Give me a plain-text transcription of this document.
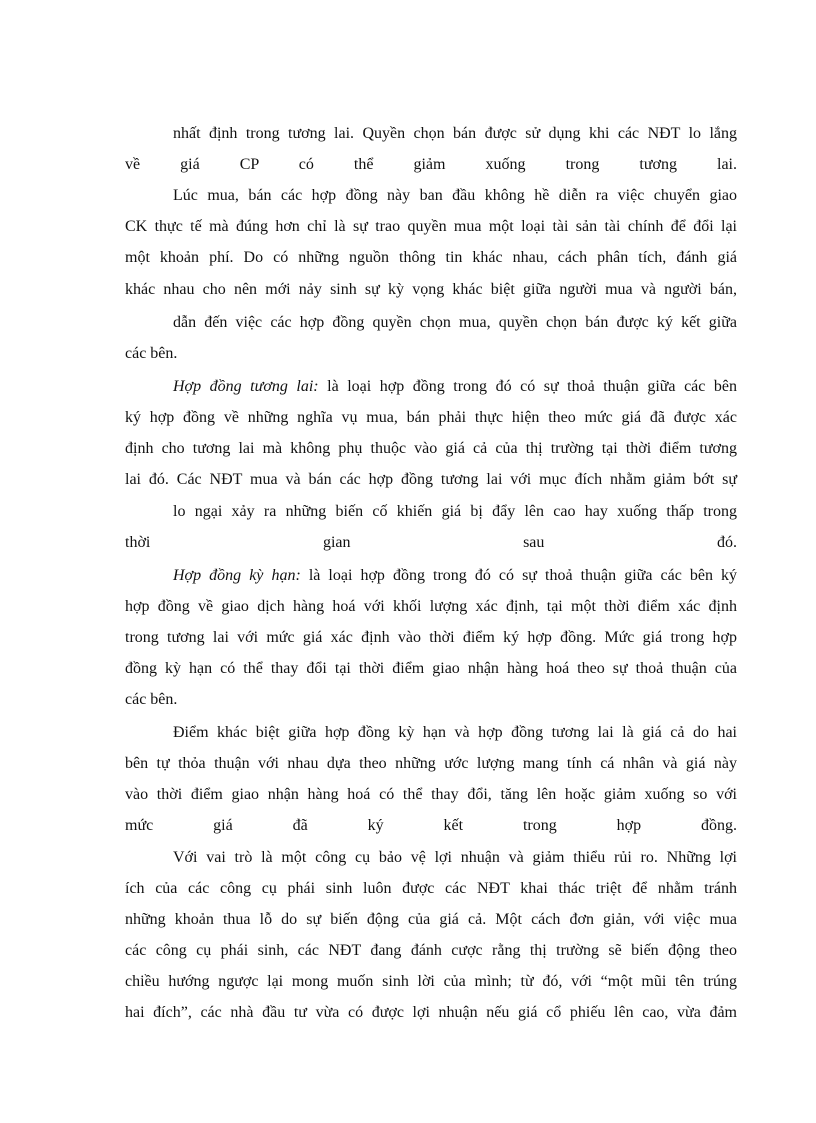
nhất định trong tương lai. Quyền chọn bán được sử dụng khi các NĐT lo lắng
về giá CP có thể giảm xuống trong tương lai.
Lúc mua, bán các hợp đồng này ban đầu không hề diễn ra việc chuyển giao
CK thực tế mà đúng hơn chỉ là sự trao quyền mua một loại tài sản tài chính để đổi lại
một khoản phí. Do có những nguồn thông tin khác nhau, cách phân tích, đánh giá
khác nhau cho nên mới nảy sinh sự kỳ vọng khác biệt giữa người mua và người bán,
dẫn đến việc các hợp đồng quyền chọn mua, quyền chọn bán được ký kết giữa
các bên.
Hợp đồng tương lai: là loại hợp đồng trong đó có sự thoả thuận giữa các bên
ký hợp đồng về những nghĩa vụ mua, bán phải thực hiện theo mức giá đã được xác
định cho tương lai mà không phụ thuộc vào giá cả của thị trường tại thời điểm tương
lai đó. Các NĐT mua và bán các hợp đồng tương lai với mục đích nhằm giảm bớt sự
lo ngại xảy ra những biến cố khiến giá bị đẩy lên cao hay xuống thấp trong
thời gian sau đó.
Hợp đồng kỳ hạn: là loại hợp đồng trong đó có sự thoả thuận giữa các bên ký
hợp đồng về giao dịch hàng hoá với khối lượng xác định, tại một thời điểm xác định
trong tương lai với mức giá xác định vào thời điểm ký hợp đồng. Mức giá trong hợp
đồng kỳ hạn có thể thay đổi tại thời điểm giao nhận hàng hoá theo sự thoả thuận của
các bên.
Điểm khác biệt giữa hợp đồng kỳ hạn và hợp đồng tương lai là giá cả do hai
bên tự thỏa thuận với nhau dựa theo những ước lượng mang tính cá nhân và giá này
vào thời điểm giao nhận hàng hoá có thể thay đổi, tăng lên hoặc giảm xuống so với
mức giá đã ký kết trong hợp đồng.
Với vai trò là một công cụ bảo vệ lợi nhuận và giảm thiểu rủi ro. Những lợi
ích của các công cụ phái sinh luôn được các NĐT khai thác triệt để nhằm tránh
những khoản thua lỗ do sự biến động của giá cả. Một cách đơn giản, với việc mua
các công cụ phái sinh, các NĐT đang đánh cược rằng thị trường sẽ biến động theo
chiều hướng ngược lại mong muốn sinh lời của mình; từ đó, với “một mũi tên trúng
hai đích”, các nhà đầu tư vừa có được lợi nhuận nếu giá cổ phiếu lên cao, vừa đảm
